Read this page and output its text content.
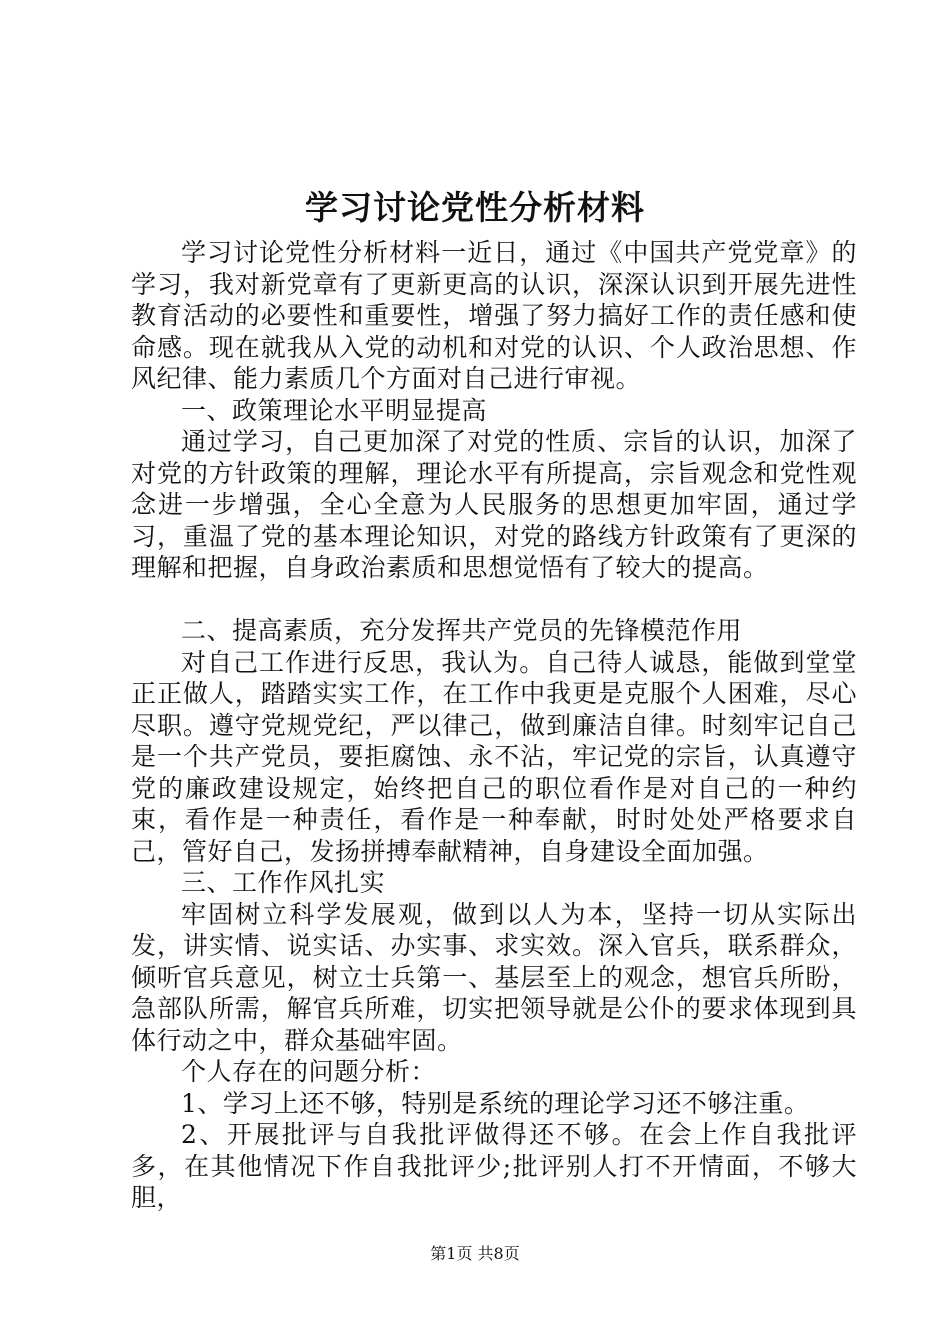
学习讨论党性分析材料

学习讨论党性分析材料一近日，通过《中国共产党党章》的学习，我对新党章有了更新更高的认识，深深认识到开展先进性教育活动的必要性和重要性，增强了努力搞好工作的责任感和使命感。现在就我从入党的动机和对党的认识、个人政治思想、作风纪律、能力素质几个方面对自己进行审视。

一、政策理论水平明显提高

通过学习，自己更加深了对党的性质、宗旨的认识，加深了对党的方针政策的理解，理论水平有所提高，宗旨观念和党性观念进一步增强，全心全意为人民服务的思想更加牢固，通过学习，重温了党的基本理论知识，对党的路线方针政策有了更深的理解和把握，自身政治素质和思想觉悟有了较大的提高。

二、提高素质，充分发挥共产党员的先锋模范作用

对自己工作进行反思，我认为。自己待人诚恳，能做到堂堂正正做人，踏踏实实工作，在工作中我更是克服个人困难，尽心尽职。遵守党规党纪，严以律己，做到廉洁自律。时刻牢记自己是一个共产党员，要拒腐蚀、永不沾，牢记党的宗旨，认真遵守党的廉政建设规定，始终把自己的职位看作是对自己的一种约束，看作是一种责任，看作是一种奉献，时时处处严格要求自己，管好自己，发扬拼搏奉献精神，自身建设全面加强。

三、工作作风扎实

牢固树立科学发展观，做到以人为本，坚持一切从实际出发，讲实情、说实话、办实事、求实效。深入官兵，联系群众，倾听官兵意见，树立士兵第一、基层至上的观念，想官兵所盼，急部队所需，解官兵所难，切实把领导就是公仆的要求体现到具体行动之中，群众基础牢固。

个人存在的问题分析：

1、学习上还不够，特别是系统的理论学习还不够注重。

2、开展批评与自我批评做得还不够。在会上作自我批评多，在其他情况下作自我批评少;批评别人打不开情面，不够大胆，

第1页 共8页
